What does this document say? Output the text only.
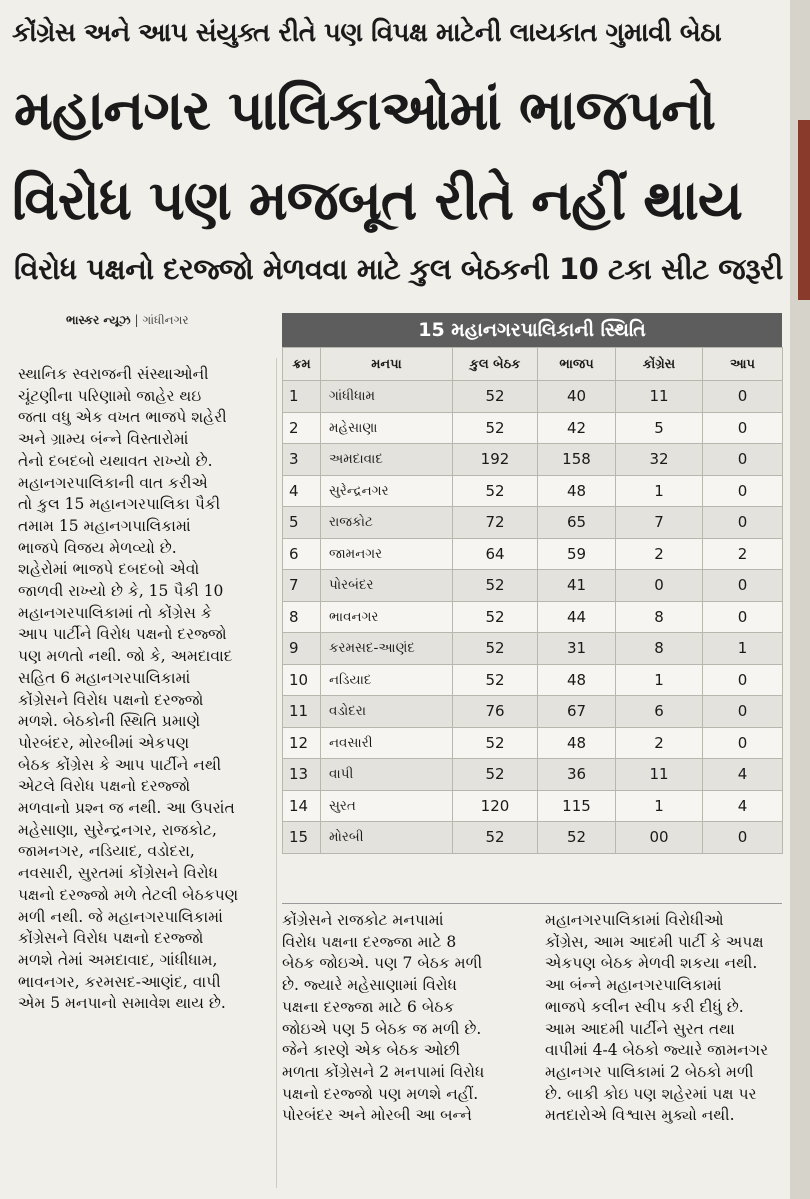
કોંગ્રેસ અને આપ સંયુક્ત રીતે પણ વિપક્ષ માટેની લાયકાત ગુમાવી બેઠા
મહાનગર પાલિકાઓમાં ભાજપનો
વિરોધ પણ મજબૂત રીતે નહીં થાય
વિરોધ પક્ષનો દરજ્જો મેળવવા માટે કુલ બેઠકની 10 ટકા સીટ જરૂરી
ભાસ્કર ન્યૂઝ | ગાંધીનગર	15 મહાનગરપાલિકાની સ્થિતિ
ક્રમ	મનપા	કુલ બેઠક	ભાજપ	કોંગ્રેસ	આપ
1	ગાંધીધામ	52	40	11	0
2	મહેસાણા	52	42	5	0
3	અમદાવાદ	192	158	32	0
4	સુરેન્દ્રનગર	52	48	1	0
5	રાજકોટ	72	65	7	0
6	જામનગર	64	59	2	2
7	પોરબંદર	52	41	0	0
8	ભાવનગર	52	44	8	0
9	કરમસદ-આણંદ	52	31	8	1
10	નડિયાદ	52	48	1	0
11	વડોદરા	76	67	6	0
12	નવસારી	52	48	2	0
13	વાપી	52	36	11	4
14	સુરત	120	115	1	4
15	મોરબી	52	52	00	0

સ્થાનિક સ્વરાજની સંસ્થાઓની

ચૂંટણીના પરિણામો જાહેર થઇ

જતા વધુ એક વખત ભાજપે શહેરી

અને ગ્રામ્ય બંન્ને વિસ્તારોમાં

તેનો દબદબો યથાવત રાખ્યો છે.

મહાનગરપાલિકાની વાત કરીએ

તો કુલ 15 મહાનગરપાલિકા પૈકી

તમામ 15 મહાનગપાલિકામાં

ભાજપે વિજય મેળવ્યો છે.

શહેરોમાં ભાજપે દબદબો એવો

જાળવી રાખ્યો છે કે, 15 પૈકી 10

મહાનગરપાલિકામાં તો કોંગ્રેસ કે

આપ પાર્ટીને વિરોધ પક્ષનો દરજ્જો

પણ મળતો નથી. જો કે, અમદાવાદ

સહિત 6 મહાનગરપાલિકામાં

કોંગ્રેસને વિરોધ પક્ષનો દરજ્જો

મળશે. બેઠકોની સ્થિતિ પ્રમાણે

પોરબંદર, મોરબીમાં એકપણ

બેઠક કોંગ્રેસ કે આપ પાર્ટીને નથી

એટલે વિરોધ પક્ષનો દરજ્જો

મળવાનો પ્રશ્ન જ નથી. આ ઉપરાંત

મહેસાણા, સુરેન્દ્રનગર, રાજકોટ,

જામનગર, નડિયાદ, વડોદરા,

નવસારી, સુરતમાં કોંગ્રેસને વિરોધ

પક્ષનો દરજ્જો મળે તેટલી બેઠકપણ

મળી નથી. જે મહાનગરપાલિકામાં

કોંગ્રેસને વિરોધ પક્ષનો દરજ્જો

મળશે તેમાં અમદાવાદ, ગાંધીધામ,

ભાવનગર, કરમસદ-આણંદ, વાપી

એમ 5 મનપાનો સમાવેશ થાય છે.

કોંગ્રેસને રાજકોટ મનપામાં

વિરોધ પક્ષના દરજ્જા માટે 8

બેઠક જોઇએ. પણ 7 બેઠક મળી

છે. જ્યારે મહેસાણામાં વિરોધ

પક્ષના દરજ્જા માટે 6 બેઠક

જોઇએ પણ 5 બેઠક જ મળી છે.

જેને કારણે એક બેઠક ઓછી

મળતા કોંગ્રેસને 2 મનપામાં વિરોધ

પક્ષનો દરજ્જો પણ મળશે નહીં.

પોરબંદર અને મોરબી આ બન્ને

મહાનગરપાલિકામાં વિરોધીઓ

કોંગ્રેસ, આમ આદમી પાર્ટી કે અપક્ષ

એકપણ બેઠક મેળવી શકયા નથી.

આ બંન્ને મહાનગરપાલિકામાં

ભાજપે કલીન સ્વીપ કરી દીધું છે.

આમ આદમી પાર્ટીને સુરત તથા

વાપીમાં 4-4 બેઠકો જ્યારે જામનગર

મહાનગર પાલિકામાં 2 બેઠકો મળી

છે. બાકી કોઇ પણ શહેરમાં પક્ષ પર

મતદારોએ વિશ્વાસ મુક્યો નથી.
